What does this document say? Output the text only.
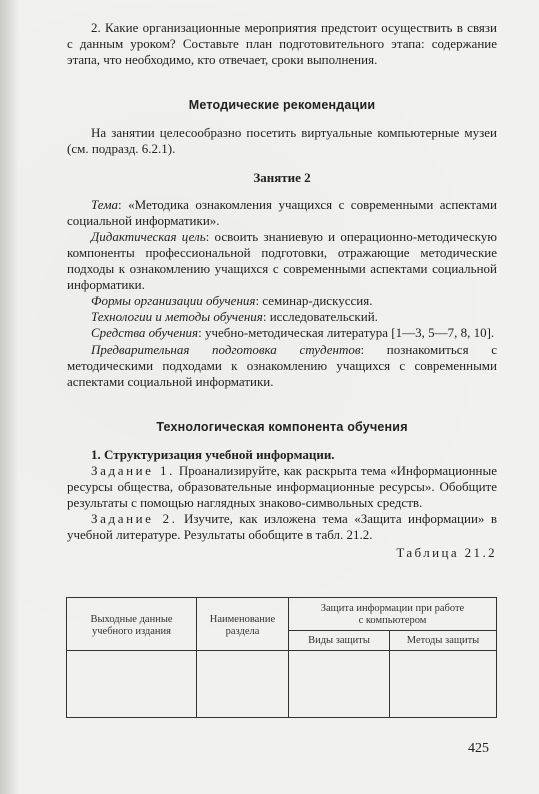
2. Какие организационные мероприятия предстоит осуществить в связи с данным уроком? Составьте план подготовительного этапа: содержание этапа, что необходимо, кто отвечает, сроки выполнения.

Методические рекомендации

На занятии целесообразно посетить виртуальные компьютерные музеи (см. подразд. 6.2.1).

Занятие 2

Тема: «Методика ознакомления учащихся с современными аспектами социальной информатики».

Дидактическая цель: освоить знаниевую и операционно-методическую компоненты профессиональной подготовки, отражающие методические подходы к ознакомлению учащихся с современными аспектами социальной информатики.

Формы организации обучения: семинар-дискуссия.

Технологии и методы обучения: исследовательский.

Средства обучения: учебно-методическая литература [1—3, 5—7, 8, 10].

Предварительная подготовка студентов: познакомиться с методическими подходами к ознакомлению учащихся с современными аспектами социальной информатики.

Технологическая компонента обучения

1. Структуризация учебной информации.

Задание 1. Проанализируйте, как раскрыта тема «Информационные ресурсы общества, образовательные информационные ресурсы». Обобщите результаты с помощью наглядных знаково-символьных средств.

Задание 2. Изучите, как изложена тема «Защита информации» в учебной литературе. Результаты обобщите в табл. 21.2.

Таблица 21.2
Выходные данные
учебного издания
Наименование
раздела
Защита информации при работе
с компьютером
Виды защиты	Методы защиты
425
